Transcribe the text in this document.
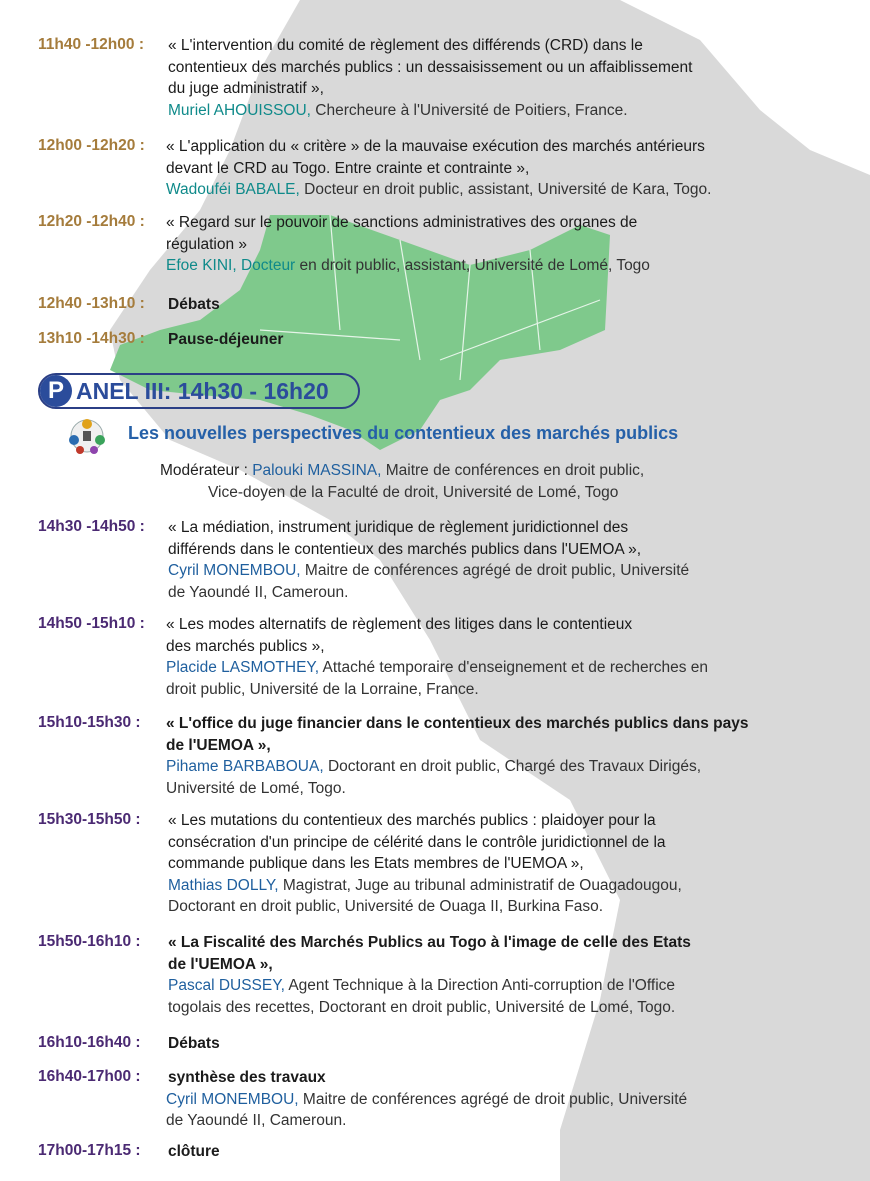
11h40 -12h00 : « L'intervention du comité de règlement des différends (CRD) dans le
contentieux des marchés publics : un dessaisissement ou un affaiblissement
du juge administratif »,
Muriel AHOUISSOU, Chercheure à l'Université de Poitiers, France.
12h00 -12h20 : « L'application du « critère » de la mauvaise exécution des marchés antérieurs
devant le CRD au Togo. Entre crainte et contrainte »,
Wadouféi BABALE, Docteur en droit public, assistant, Université de Kara, Togo.
12h20 -12h40 : « Regard sur le pouvoir de sanctions administratives des organes de
régulation »
Efoe KINI, Docteur en droit public, assistant, Université de Lomé, Togo
12h40 -13h10 : Débats
13h10 -14h30 : Pause-déjeuner
P ANEL III: 14h30 - 16h20
Les nouvelles perspectives du contentieux des marchés publics
Modérateur : Palouki MASSINA, Maitre de conférences en droit public,
Vice-doyen de la Faculté de droit, Université de Lomé, Togo
14h30 -14h50 : « La médiation, instrument juridique de règlement juridictionnel des
différends dans le contentieux des marchés publics dans l'UEMOA »,
Cyril MONEMBOU, Maitre de conférences agrégé de droit public, Université
de Yaoundé II, Cameroun.
14h50 -15h10 : « Les modes alternatifs de règlement des litiges dans le contentieux
des marchés publics »,
Placide LASMOTHEY, Attaché temporaire d'enseignement et de recherches en
droit public, Université de la Lorraine, France.
15h10-15h30 : « L'office du juge financier dans le contentieux des marchés publics dans pays
de l'UEMOA »,
Pihame BARBABOUA, Doctorant en droit public, Chargé des Travaux Dirigés,
Université de Lomé, Togo.
15h30-15h50 : « Les mutations du contentieux des marchés publics : plaidoyer pour la
consécration d'un principe de célérité dans le contrôle juridictionnel de la
commande publique dans les Etats membres de l'UEMOA »,
Mathias DOLLY, Magistrat, Juge au tribunal administratif de Ouagadougou,
Doctorant en droit public, Université de Ouaga II, Burkina Faso.
15h50-16h10 : « La Fiscalité des Marchés Publics au Togo à l'image de celle des Etats
de l'UEMOA »,
Pascal DUSSEY, Agent Technique à la Direction Anti-corruption de l'Office
togolais des recettes, Doctorant en droit public, Université de Lomé, Togo.
16h10-16h40 : Débats
16h40-17h00 : synthèse des travaux
Cyril MONEMBOU, Maitre de conférences agrégé de droit public, Université
de Yaoundé II, Cameroun.
17h00-17h15 : clôture
